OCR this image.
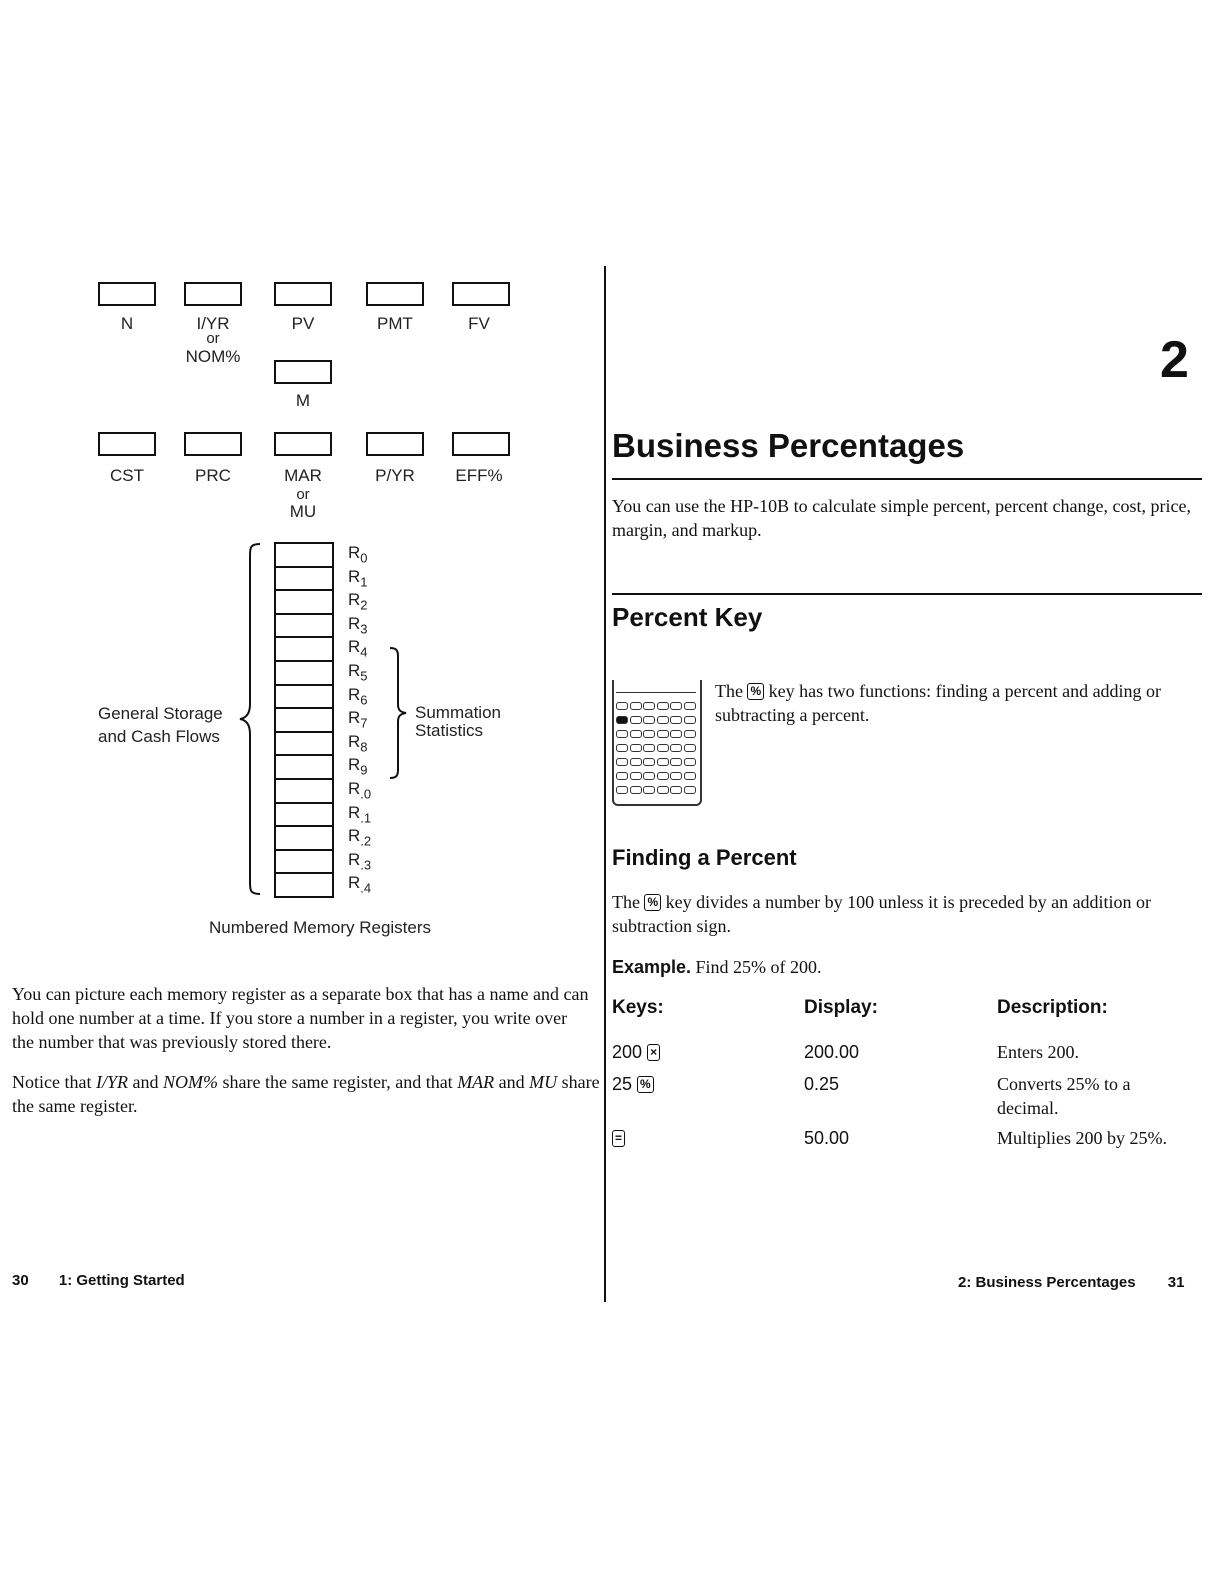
N	I/YR
or
NOM%
PV	PMT	FV
M
CST	PRC	MAR
or
MU
P/YR	EFF%
$R_0$
$R_1$
$R_2$
$R_3$
$R_4$
$R_5$
$R_6$
$R_7$
$R_8$
$R_9$
$R_{.0}$
$R_{.1}$
$R_{.2}$
$R_{.3}$
$R_{.4}$
General Storage
and Cash Flows
Summation
Statistics
Numbered Memory Registers
You can picture each memory register as a separate box that has a name and can hold one number at a time. If you store a number in a register, you write over the number that was previously stored there.
Notice that I/YR and NOM% share the same register, and that MAR and MU share the same register.
30 1: Getting Started
2
Business Percentages
You can use the HP-10B to calculate simple percent, percent change, cost, price, margin, and markup.
Percent Key
The % key has two functions: finding a percent and adding or subtracting a percent.
Finding a Percent
The % key divides a number by 100 unless it is preceded by an addition or subtraction sign.
Example. Find 25% of 200.
Keys:	Display:	Description:
200 ×	200.00	Enters 200.
25 %	0.25	Converts 25% to a decimal.
=	50.00	Multiplies 200 by 25%.
2: Business Percentages 31
